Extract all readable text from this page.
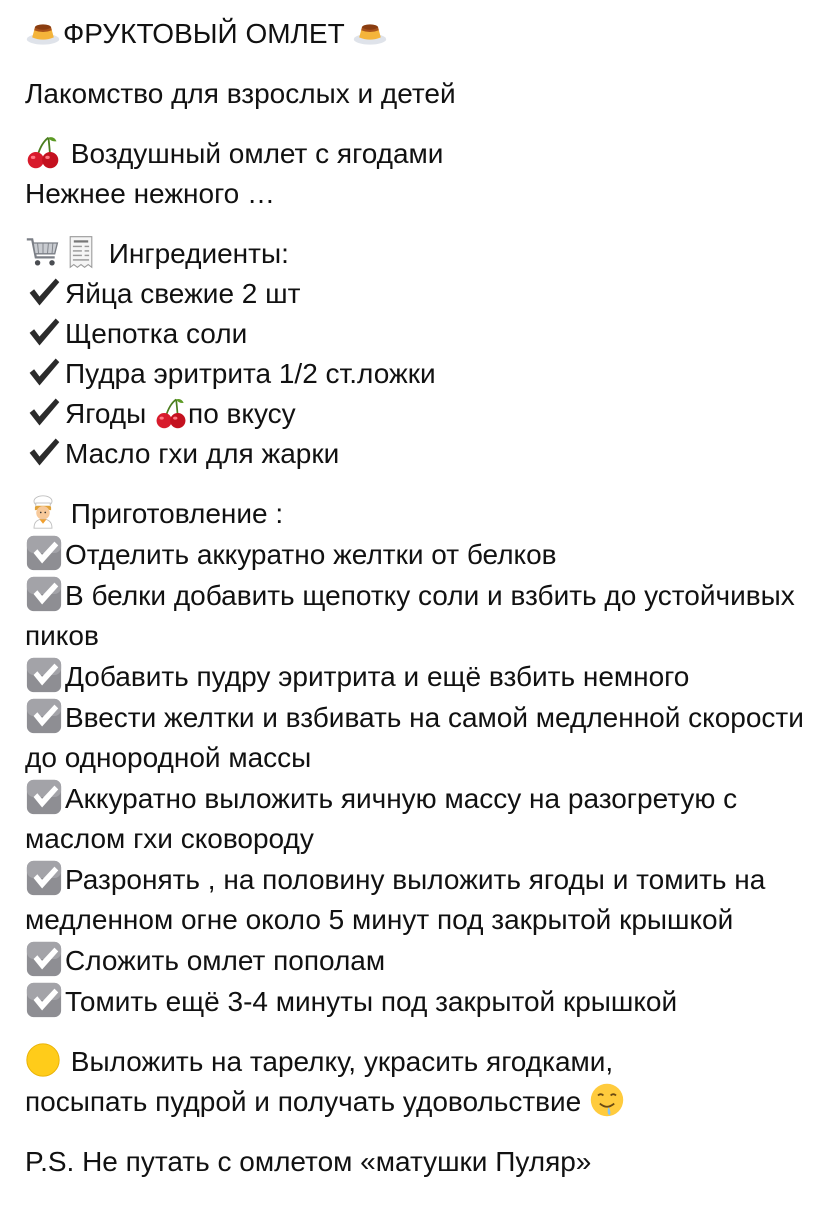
ФРУКТОВЫЙ ОМЛЕТ
Лакомство для взрослых и детей
Воздушный омлет с ягодами
Нежнее нежного …
Ингредиенты:
Яйца свежие 2 шт
Щепотка соли
Пудра эритрита 1/2 ст.ложки
Ягоды по вкусу
Масло гхи для жарки
Приготовление :
Отделить аккуратно желтки от белков
В белки добавить щепотку соли и взбить до устойчивых пиков
Добавить пудру эритрита и ещё взбить немного
Ввести желтки и взбивать на самой медленной скорости до однородной массы
Аккуратно выложить яичную массу на разогретую с маслом гхи сковороду
Разронять , на половину выложить ягоды и томить на медленном огне около 5 минут под закрытой крышкой
Сложить омлет пополам
Томить ещё 3-4 минуты под закрытой крышкой
Выложить на тарелку, украсить ягодками,
посыпать пудрой и получать удовольствие
P.S. Не путать с омлетом «матушки Пуляр»
